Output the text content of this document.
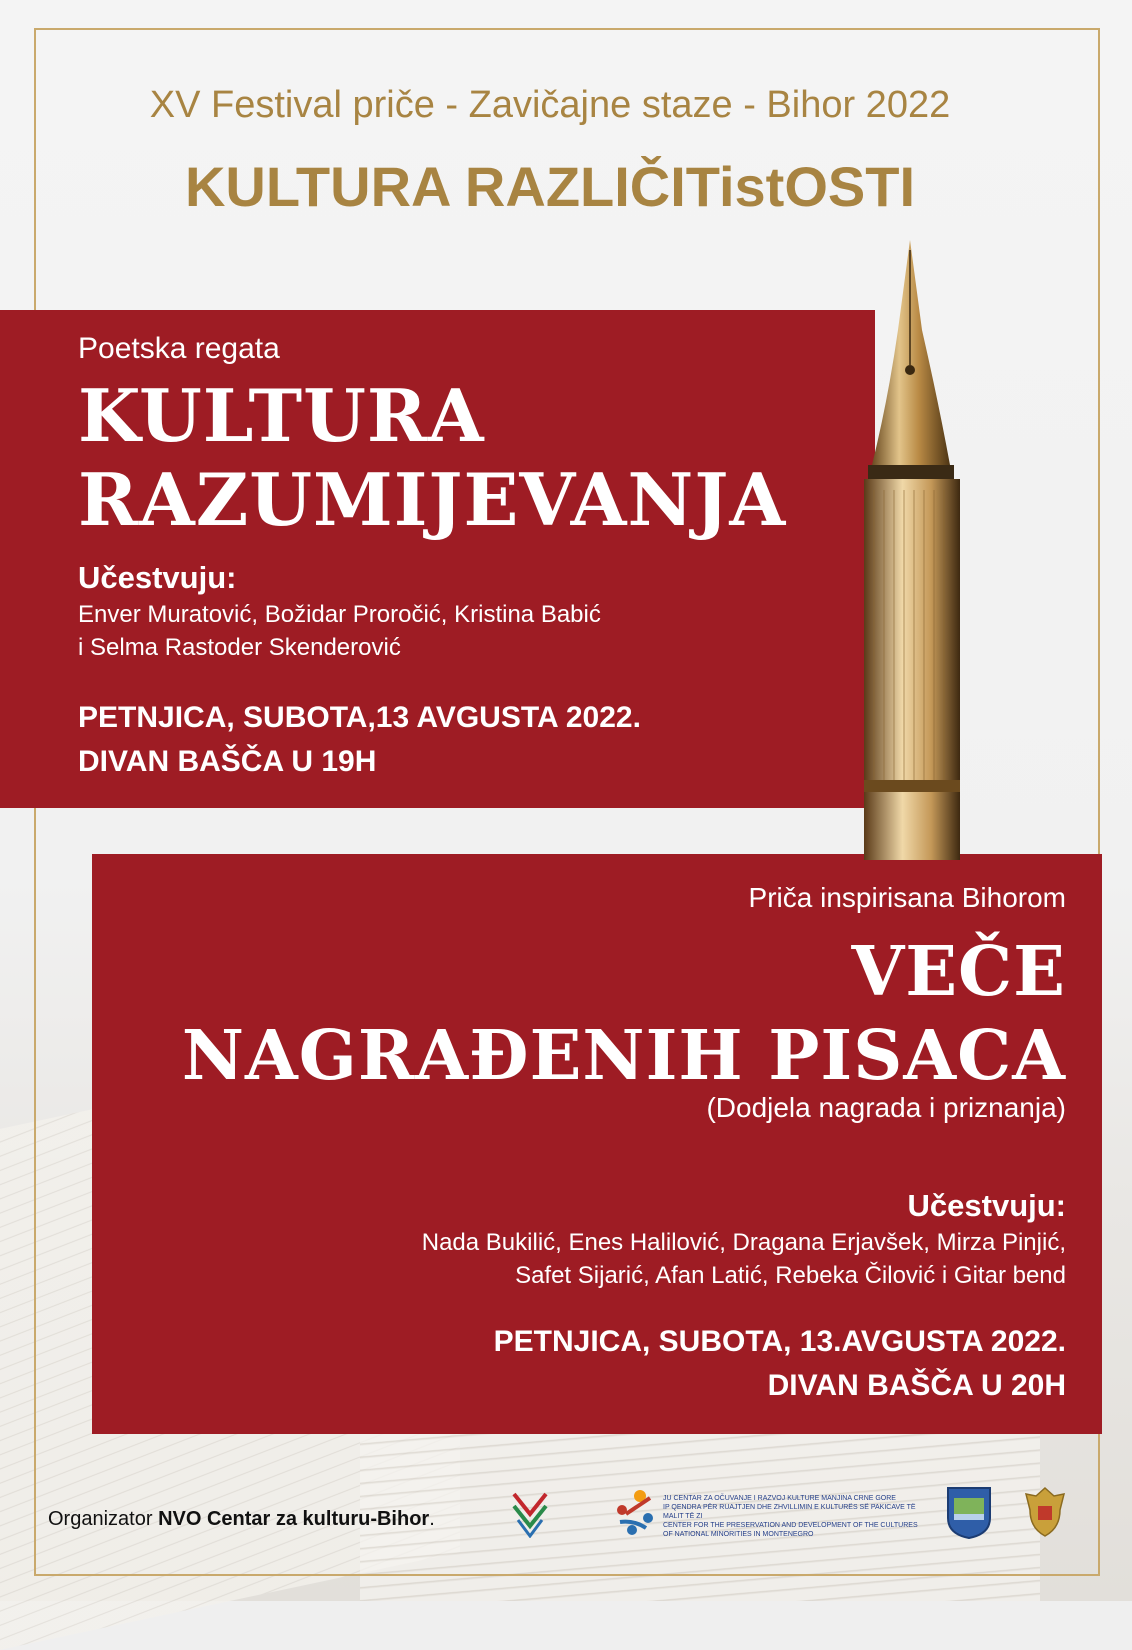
XV Festival priče - Zavičajne staze - Bihor 2022
KULTURA RAZLIČITistOSTI
Poetska regata
KULTURA
RAZUMIJEVANJA
Učestvuju:
Enver Muratović, Božidar Proročić, Kristina Babić
i Selma Rastoder Skenderović
PETNJICA, SUBOTA,13 AVGUSTA 2022.
DIVAN BAŠČA U 19H
Priča inspirisana Bihorom
VEČE
NAGRAĐENIH PISACA
(Dodjela nagrada i priznanja)
Učestvuju:
Nada Bukilić, Enes Halilović, Dragana Erjavšek, Mirza Pinjić,
Safet Sijarić, Afan Latić, Rebeka Čilović i Gitar bend
PETNJICA, SUBOTA, 13.AVGUSTA 2022.
DIVAN BAŠČA U 20H
Organizator NVO Centar za kulturu-Bihor.
JU CENTAR ZA OČUVANJE I RAZVOJ KULTURE MANJINA CRNE GORE
IP QENDRA PËR RUAJTJEN DHE ZHVILLIMIN E KULTURËS SË PAKICAVE TË MALIT TË ZI
CENTER FOR THE PRESERVATION AND DEVELOPMENT OF THE CULTURES
OF NATIONAL MINORITIES IN MONTENEGRO
